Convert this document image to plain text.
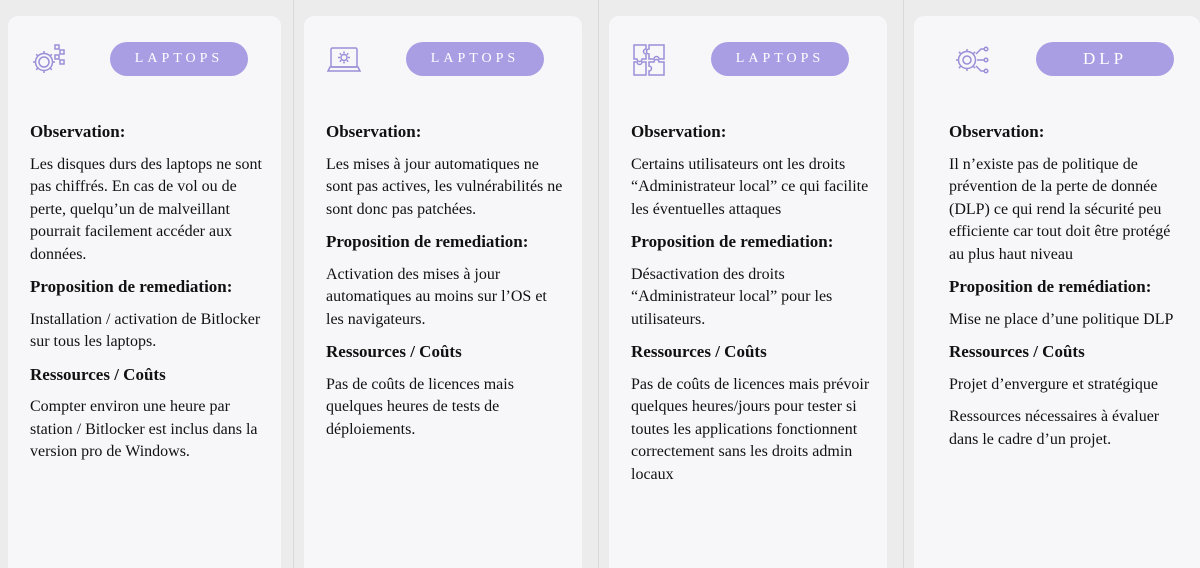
LAPTOPS
Observation:
Les disques durs des laptops ne sont pas chiffrés. En cas de vol ou de perte, quelqu’un de malveillant pourrait facilement accéder aux données.
Proposition de remediation:
Installation / activation de Bitlocker sur tous les laptops.
Ressources / Coûts
Compter environ une heure par station / Bitlocker est inclus dans la version pro de Windows.
LAPTOPS
Observation:
Les mises à jour automatiques ne sont pas actives, les vulnérabilités ne sont donc pas patchées.
Proposition de remediation:
Activation des mises à jour automatiques au moins sur l’OS et les navigateurs.
Ressources / Coûts
Pas de coûts de licences mais quelques heures de tests de déploiements.
LAPTOPS
Observation:
Certains utilisateurs ont les droits “Administrateur local” ce qui facilite les éventuelles attaques
Proposition de remediation:
Désactivation des droits “Administrateur local” pour les utilisateurs.
Ressources / Coûts
Pas de coûts de licences mais prévoir quelques heures/jours pour tester si toutes les applications fonctionnent correctement sans les droits admin locaux
DLP
Observation:
Il n’existe pas de politique de prévention de la perte de donnée (DLP) ce qui rend la sécurité peu efficiente car tout doit être protégé au plus haut niveau
Proposition de remédiation:
Mise ne place d’une politique DLP
Ressources / Coûts
Projet d’envergure et stratégique
Ressources nécessaires à évaluer dans le cadre d’un projet.
